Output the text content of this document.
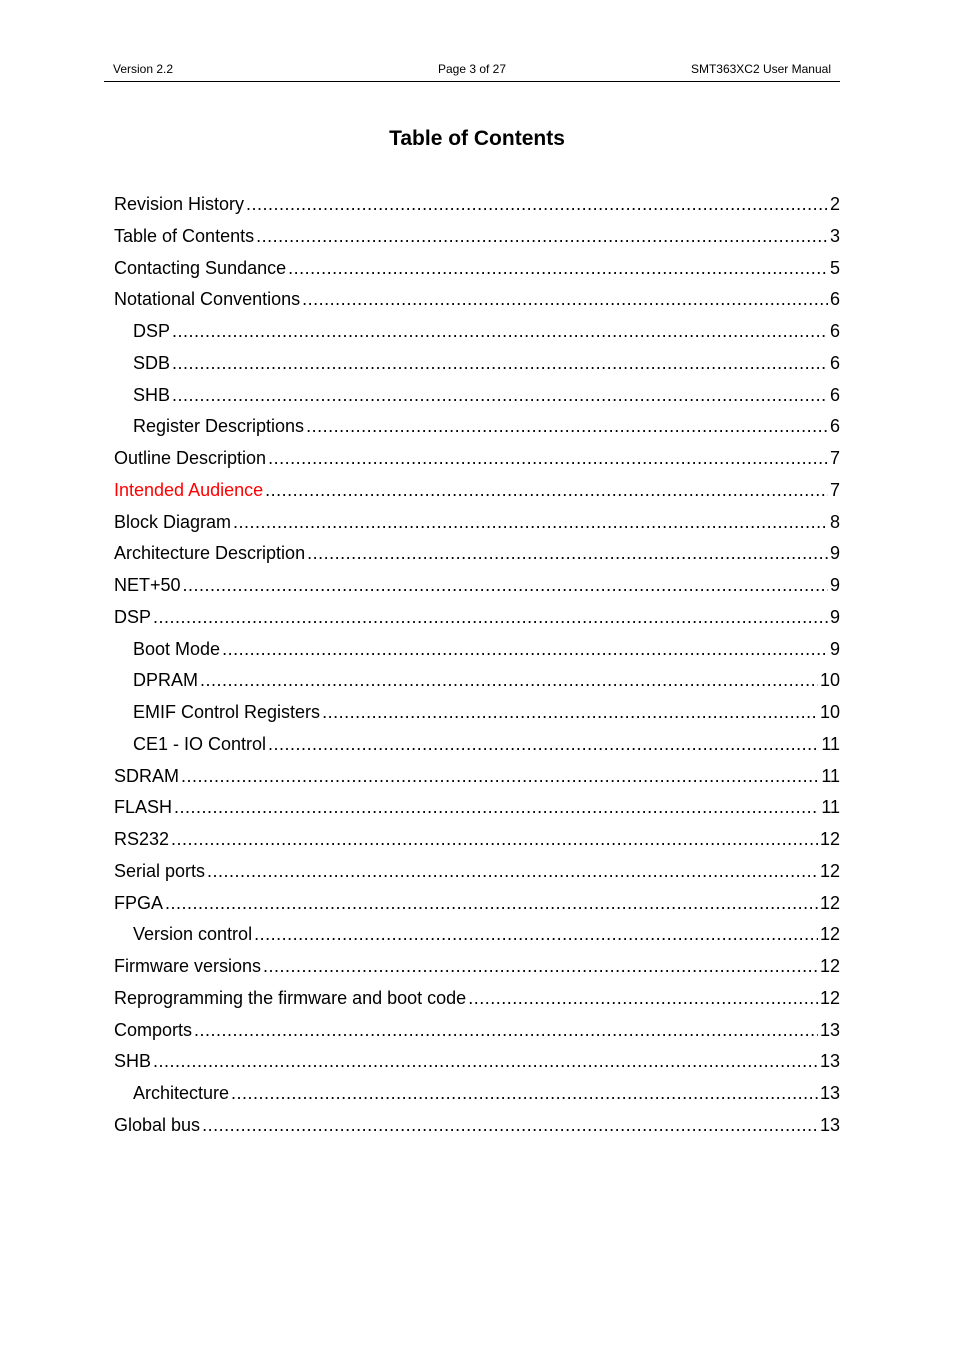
Version 2.2	Page 3 of 27	SMT363XC2 User Manual
Table of Contents
Revision History .....	2
Table of Contents .....	3
Contacting Sundance .....	5
Notational Conventions .....	6
DSP .....	6
SDB .....	6
SHB .....	6
Register Descriptions .....	6
Outline Description .....	7
Intended Audience .....	7
Block Diagram .....	8
Architecture Description .....	9
NET+50 .....	9
DSP .....	9
Boot Mode .....	9
DPRAM .....	10
EMIF Control Registers .....	10
CE1 - IO Control .....	11
SDRAM .....	11
FLASH .....	11
RS232 .....	12
Serial ports .....	12
FPGA .....	12
Version control .....	12
Firmware versions .....	12
Reprogramming the firmware and boot code .....	12
Comports .....	13
SHB .....	13
Architecture .....	13
Global bus .....	13
